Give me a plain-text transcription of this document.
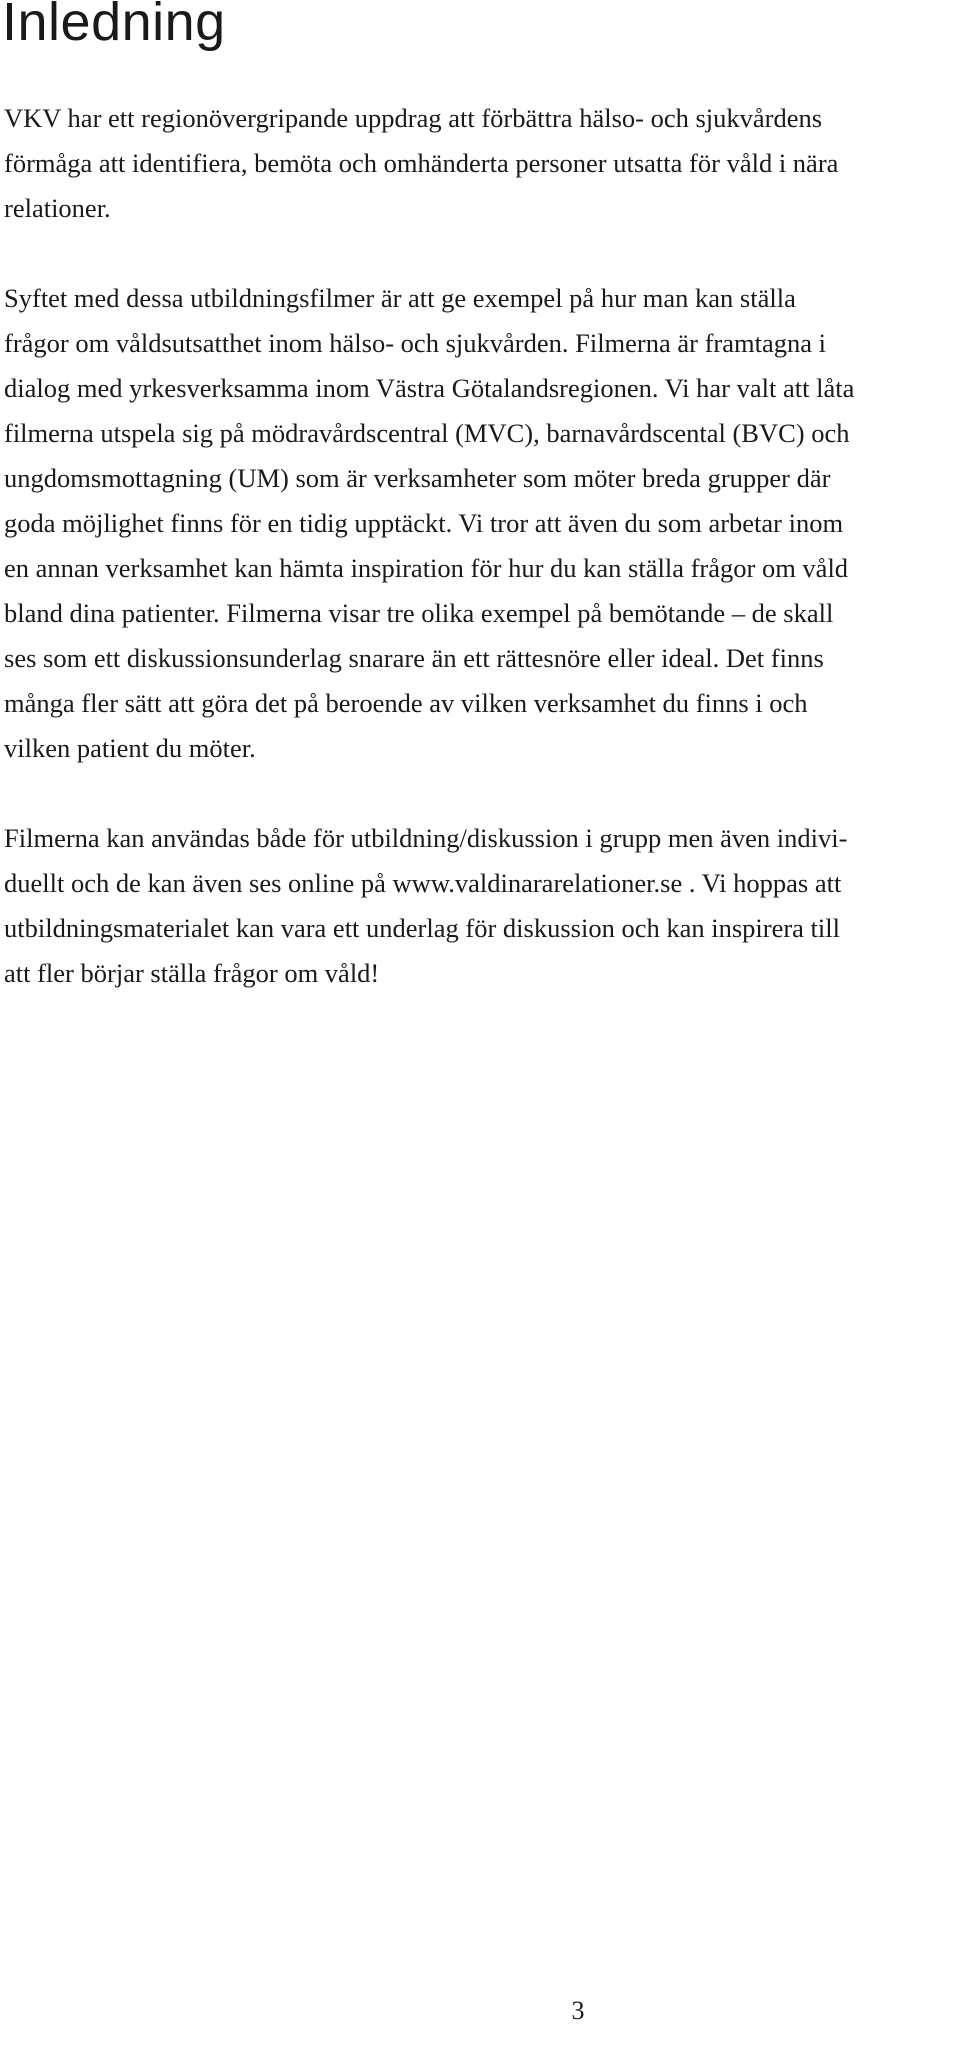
Inledning

VKV har ett regionövergripande uppdrag att förbättra hälso- och sjukvårdens
förmåga att identifiera, bemöta och omhänderta personer utsatta för våld i nära
relationer.

Syftet med dessa utbildningsfilmer är att ge exempel på hur man kan ställa
frågor om våldsutsatthet inom hälso- och sjukvården. Filmerna är framtagna i
dialog med yrkesverksamma inom Västra Götalandsregionen. Vi har valt att låta
filmerna utspela sig på mödravårdscentral (MVC), barnavårdscental (BVC) och
ungdomsmottagning (UM) som är verksamheter som möter breda grupper där
goda möjlighet finns för en tidig upptäckt. Vi tror att även du som arbetar inom
en annan verksamhet kan hämta inspiration för hur du kan ställa frågor om våld
bland dina patienter. Filmerna visar tre olika exempel på bemötande – de skall
ses som ett diskussionsunderlag snarare än ett rättesnöre eller ideal. Det finns
många fler sätt att göra det på beroende av vilken verksamhet du finns i och
vilken patient du möter.

Filmerna kan användas både för utbildning/diskussion i grupp men även indivi-
duellt och de kan även ses online på www.valdinararelationer.se . Vi hoppas att
utbildningsmaterialet kan vara ett underlag för diskussion och kan inspirera till
att fler börjar ställa frågor om våld!

3
